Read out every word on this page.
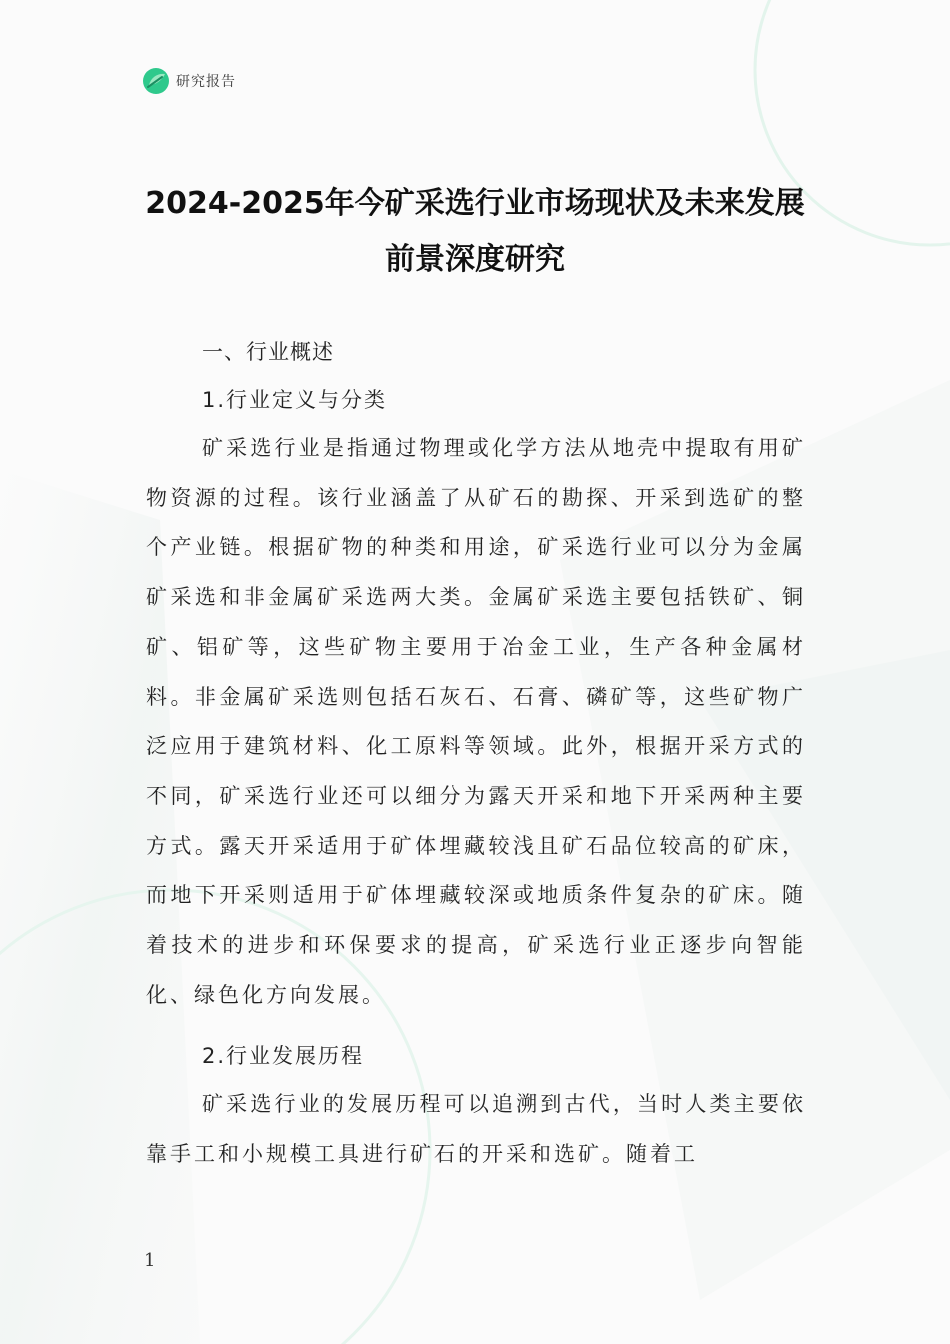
研究报告
2024-2025年今矿采选行业市场现状及未来发展
前景深度研究
一、行业概述
1.行业定义与分类

矿采选行业是指通过物理或化学方法从地壳中提取有用矿物资源的过程。该行业涵盖了从矿石的勘探、开采到选矿的整个产业链。根据矿物的种类和用途，矿采选行业可以分为金属矿采选和非金属矿采选两大类。金属矿采选主要包括铁矿、铜矿、铝矿等，这些矿物主要用于冶金工业，生产各种金属材料。非金属矿采选则包括石灰石、石膏、磷矿等，这些矿物广泛应用于建筑材料、化工原料等领域。此外，根据开采方式的不同，矿采选行业还可以细分为露天开采和地下开采两种主要方式。露天开采适用于矿体埋藏较浅且矿石品位较高的矿床，而地下开采则适用于矿体埋藏较深或地质条件复杂的矿床。随着技术的进步和环保要求的提高，矿采选行业正逐步向智能化、绿色化方向发展。

2.行业发展历程

矿采选行业的发展历程可以追溯到古代，当时人类主要依靠手工和小规模工具进行矿石的开采和选矿。随着工

1
